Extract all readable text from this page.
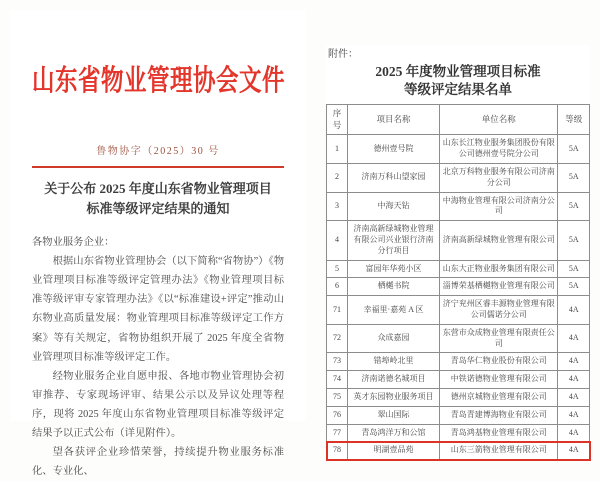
山东省物业管理协会文件
鲁物协字（2025）30 号
关于公布 2025 年度山东省物业管理项目
标准等级评定结果的通知

各物业服务企业：

根据山东省物业管理协会（以下简称“省物协”）《物业管理项目标准等级评定管理办法》《物业管理项目标准等级评审专家管理办法》《以“标准建设+评定”推动山东物业高质量发展：物业管理项目标准等级评定工作方案》等有关规定，省物协组织开展了 2025 年度全省物业管理项目标准等级评定工作。

经物业服务企业自愿申报、各地市物业管理协会初审推荐、专家现场评审、结果公示以及异议处理等程序，现将 2025 年度山东省物业管理项目标准等级评定结果予以正式公布（详见附件）。

望各获评企业珍惜荣誉，持续提升物业服务标准化、专业化、

附件：

2025 年度物业管理项目标准
等级评定结果名单
序号	项目名称	单位名称	等级
1	德州壹号院	山东长江物业服务集团股份有限公司德州壹号院分公司	5A
2	济南万科山望家园	北京万科物业服务有限公司济南分公司	5A
3	中海天钻	中海物业管理有限公司济南分公司	5A
4	济南高新绿城物业管理有限公司兴业银行济南分行项目	济南高新绿城物业管理有限公司	5A
5	富园年华苑小区	山东大正物业服务集团有限公司	5A
6	栖樾书院	淄博荣基栖樾物业管理有限公司	5A
71	幸福里·嘉苑 A 区	济宁兖州区睿丰源物业管理有限公司儒诺分公司	4A
72	众成嘉园	东营市众成物业管理有限责任公司	4A
73	错埠岭北里	青岛华仁物业股份有限公司	4A
74	济南诺德名城项目	中铁诺德物业管理有限公司	4A
75	英才东园物业服务项目	德州京城物业管理有限公司	4A
76	翠山国际	青岛青建博海物业有限公司	4A
77	青岛鸿洋万和公馆	青岛鸿基物业管理有限公司	4A
78	明湖壹品苑	山东三箭物业管理有限公司	4A
